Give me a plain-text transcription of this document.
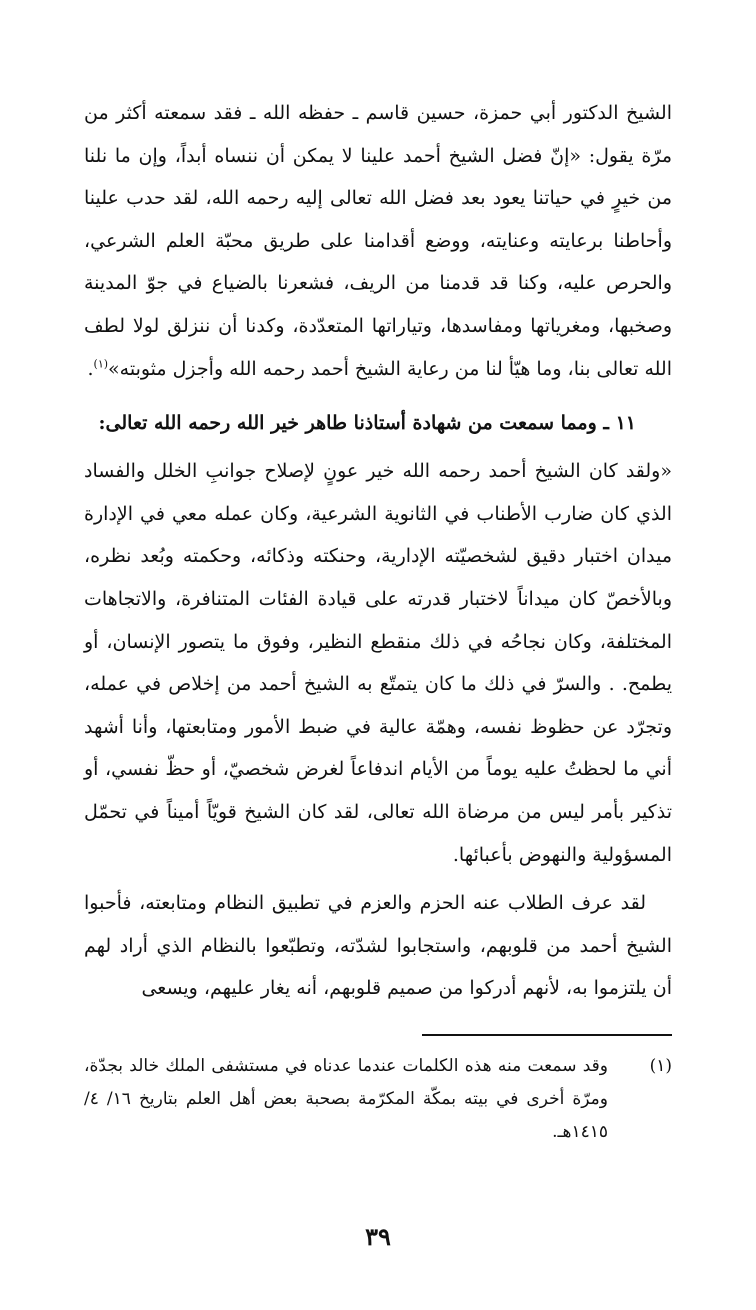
الشيخ الدكتور أبي حمزة، حسين قاسم ـ حفظه الله ـ فقد سمعته أكثر من مرّة يقول: «إنّ فضل الشيخ أحمد علينا لا يمكن أن ننساه أبداً، وإن ما نلنا من خيرٍ في حياتنا يعود بعد فضل الله تعالى إليه رحمه الله، لقد حدب علينا وأحاطنا برعايته وعنايته، ووضع أقدامنا على طريق محبّة العلم الشرعي، والحرص عليه، وكنا قد قدمنا من الريف، فشعرنا بالضياع في جوّ المدينة وصخبها، ومغرياتها ومفاسدها، وتياراتها المتعدّدة، وكدنا أن ننزلق لولا لطف الله تعالى بنا، وما هيّأ لنا من رعاية الشيخ أحمد رحمه الله وأجزل مثوبته»$^{(١)}$.

١١ ـ ومما سمعت من شهادة أستاذنا طاهر خير الله رحمه الله تعالى:

«ولقد كان الشيخ أحمد رحمه الله خير عونٍ لإصلاح جوانبِ الخلل والفساد الذي كان ضارب الأطناب في الثانوية الشرعية، وكان عمله معي في الإدارة ميدان اختبار دقيق لشخصيّته الإدارية، وحنكته وذكائه، وحكمته وبُعد نظره، وبالأخصّ كان ميداناً لاختبار قدرته على قيادة الفئات المتنافرة، والاتجاهات المختلفة، وكان نجاحُه في ذلك منقطع النظير، وفوق ما يتصور الإنسان، أو يطمح. . والسرّ في ذلك ما كان يتمتّع به الشيخ أحمد من إخلاص في عمله، وتجرّد عن حظوظ نفسه، وهمّة عالية في ضبط الأمور ومتابعتها، وأنا أشهد أني ما لحظتُ عليه يوماً من الأيام اندفاعاً لغرض شخصيّ، أو حظّ نفسي، أو تذكير بأمر ليس من مرضاة الله تعالى، لقد كان الشيخ قويّاً أميناً في تحمّل المسؤولية والنهوض بأعبائها.

لقد عرف الطلاب عنه الحزم والعزم في تطبيق النظام ومتابعته، فأحبوا الشيخ أحمد من قلوبهم، واستجابوا لشدّته، وتطبّعوا بالنظام الذي أراد لهم أن يلتزموا به، لأنهم أدركوا من صميم قلوبهم، أنه يغار عليهم، ويسعى

(١)
وقد سمعت منه هذه الكلمات عندما عدناه في مستشفى الملك خالد بجدّة، ومرّة أخرى في بيته بمكّة المكرّمة بصحبة بعض أهل العلم بتاريخ ١٦/ ٤/ ١٤١٥هـ.

٣٩
